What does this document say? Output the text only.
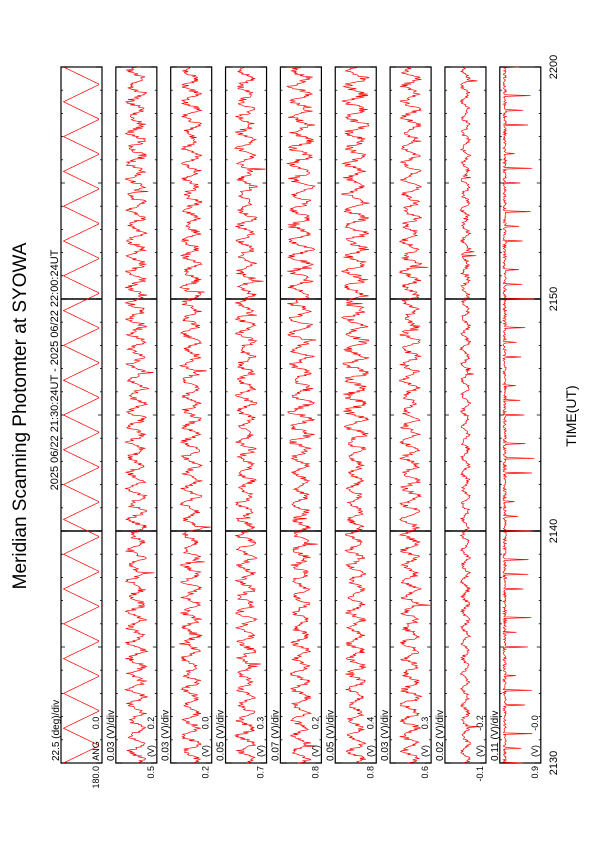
Meridian Scanning Photomter at SYOWA 2025 06/22 21:30:24UT - 2025 06/22 22:00:24UT	TIME(UT)
180.0
ANG
0.0
22.5 (deg)/div
0.5
(V)
0.2
0.03 (V)/div
0.2
(V)
0.0
0.03 (V)/div
0.7
(V)
0.3
0.05 (V)/div
0.8
(V)
0.2
0.07 (V)/div
0.8
(V)
0.4
0.05 (V)/div
0.6
(V)
0.3
0.03 (V)/div
-0.1
(V)
-0.2
0.02 (V)/div
0.9
(V)
-0.0
0.11 (V)/div
2130
2140
2150
2200
